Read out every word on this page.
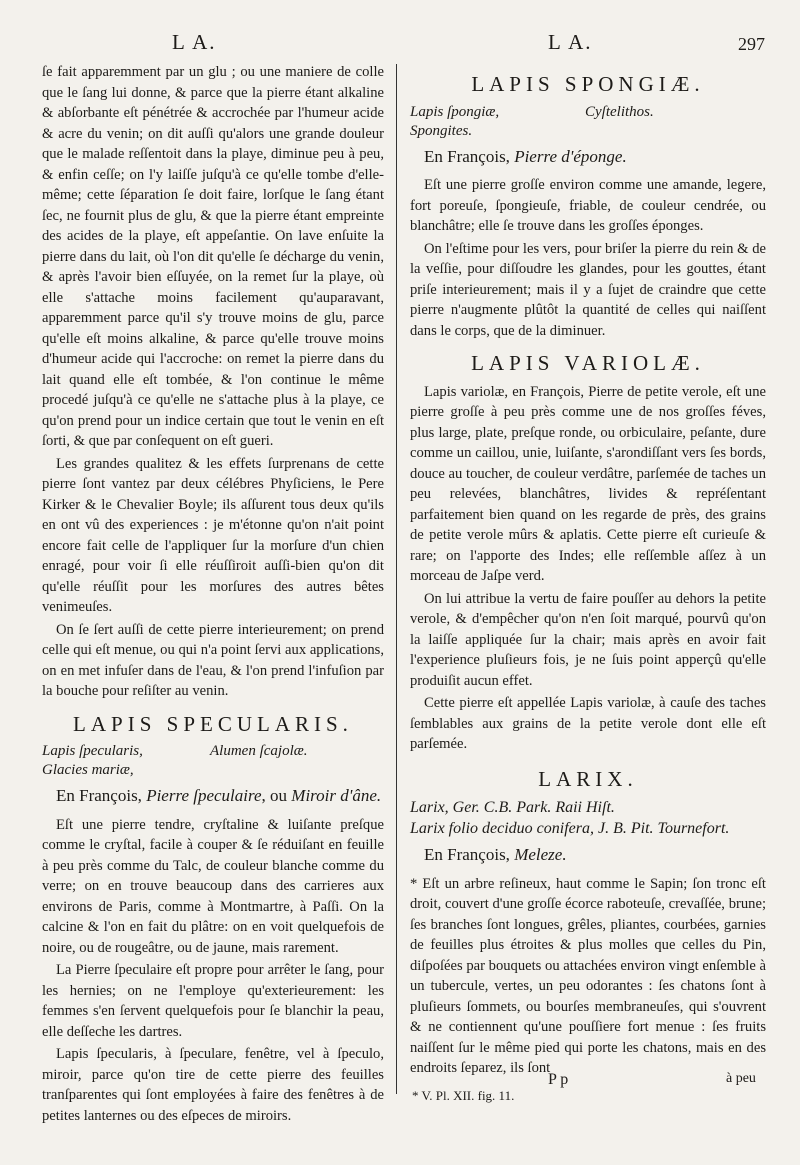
L A.	L A.	297

ſe fait apparemment par un glu ; ou une maniere de colle que le ſang lui donne, & parce que la pierre étant alkaline & abſorbante eſt pénétrée & accrochée par l'humeur acide & acre du venin; on dit auſſi qu'alors une grande douleur que le malade reſſentoit dans la playe, diminue peu à peu, & enfin ceſſe; on l'y laiſſe juſqu'à ce qu'elle tombe d'elle-même; cette ſéparation ſe doit faire, lorſque le ſang étant ſec, ne fournit plus de glu, & que la pierre étant empreinte des acides de la playe, eſt appeſantie. On lave enſuite la pierre dans du lait, où l'on dit qu'elle ſe décharge du venin, & après l'avoir bien eſſuyée, on la remet ſur la playe, où elle s'attache moins facilement qu'auparavant, apparemment parce qu'il s'y trouve moins de glu, parce qu'elle eſt moins alkaline, & parce qu'elle trouve moins d'humeur acide qui l'accroche: on remet la pierre dans du lait quand elle eſt tombée, & l'on continue le même procedé juſqu'à ce qu'elle ne s'attache plus à la playe, ce qu'on prend pour un indice certain que tout le venin en eſt ſorti, & que par conſequent on eſt gueri.

Les grandes qualitez & les effets ſurprenans de cette pierre ſont vantez par deux célébres Phyſiciens, le Pere Kirker & le Chevalier Boyle; ils aſſurent tous deux qu'ils en ont vû des experiences : je m'étonne qu'on n'ait point encore fait celle de l'appliquer ſur la morſure d'un chien enragé, pour voir ſi elle réuſſiroit auſſi-bien qu'on dit qu'elle réuſſit pour les morſures des autres bêtes venimeuſes.

On ſe ſert auſſi de cette pierre interieurement; on prend celle qui eſt menue, ou qui n'a point ſervi aux applications, on en met infuſer dans de l'eau, & l'on prend l'infuſion par la bouche pour reſiſter au venin.

LAPIS SPECULARIS.
Lapis ſpecularis,	Alumen ſcajolæ.
Glacies mariæ,
En François, Pierre ſpeculaire, ou Miroir d'âne.

Eſt une pierre tendre, cryſtaline & luiſante preſque comme le cryſtal, facile à couper & ſe réduiſant en feuille à peu près comme du Talc, de couleur blanche comme du verre; on en trouve beaucoup dans des carrieres aux environs de Paris, comme à Montmartre, à Paſſi. On la calcine & l'on en fait du plâtre: on en voit quelquefois de noire, ou de rougeâtre, ou de jaune, mais rarement.

La Pierre ſpeculaire eſt propre pour arrêter le ſang, pour les hernies; on ne l'employe qu'exterieurement: les femmes s'en ſervent quelquefois pour ſe blanchir la peau, elle deſſeche les dartres.

Lapis ſpecularis, à ſpeculare, fenêtre, vel à ſpeculo, miroir, parce qu'on tire de cette pierre des feuilles tranſparentes qui ſont employées à faire des fenêtres à de petites lanternes ou des eſpeces de miroirs.

LAPIS SPONGIÆ.
Lapis ſpongiæ,	Cyſtelithos.
Spongites.
En François, Pierre d'éponge.

Eſt une pierre groſſe environ comme une amande, legere, fort poreuſe, ſpongieuſe, friable, de couleur cendrée, ou blanchâtre; elle ſe trouve dans les groſſes éponges.

On l'eſtime pour les vers, pour briſer la pierre du rein & de la veſſie, pour diſſoudre les glandes, pour les gouttes, étant priſe interieurement; mais il y a ſujet de craindre que cette pierre n'augmente plûtôt la quantité de celles qui naiſſent dans le corps, que de la diminuer.

LAPIS VARIOLÆ.

Lapis variolæ, en François, Pierre de petite verole, eſt une pierre groſſe à peu près comme une de nos groſſes féves, plus large, plate, preſque ronde, ou orbiculaire, peſante, dure comme un caillou, unie, luiſante, s'arondiſſant vers ſes bords, douce au toucher, de couleur verdâtre, parſemée de taches un peu relevées, blanchâtres, livides & repréſentant parfaitement bien quand on les regarde de près, des grains de petite verole mûrs & aplatis. Cette pierre eſt curieuſe & rare; on l'apporte des Indes; elle reſſemble aſſez à un morceau de Jaſpe verd.

On lui attribue la vertu de faire pouſſer au dehors la petite verole, & d'empêcher qu'on n'en ſoit marqué, pourvû qu'on la laiſſe appliquée ſur la chair; mais après en avoir fait l'experience pluſieurs fois, je ne ſuis point apperçû qu'elle produiſit aucun effet.

Cette pierre eſt appellée Lapis variolæ, à cauſe des taches ſemblables aux grains de la petite verole dont elle eſt parſemée.

LARIX.
Larix, Ger. C.B. Park. Raii Hiſt.
Larix folio deciduo conifera, J. B. Pit. Tournefort.
En François, Meleze.

* Eſt un arbre reſineux, haut comme le Sapin; ſon tronc eſt droit, couvert d'une groſſe écorce raboteuſe, crevaſſée, brune; ſes branches ſont longues, grêles, pliantes, courbées, garnies de feuilles plus étroites & plus molles que celles du Pin, diſpoſées par bouquets ou attachées environ vingt enſemble à un tubercule, vertes, un peu odorantes : ſes chatons ſont à pluſieurs ſommets, ou bourſes membraneuſes, qui s'ouvrent & ne contiennent qu'une pouſſiere fort menue : ſes fruits naiſſent ſur le même pied qui porte les chatons, mais en des endroits ſeparez, ils ſont

P p	à peu
* V. Pl. XII. fig. 11.
